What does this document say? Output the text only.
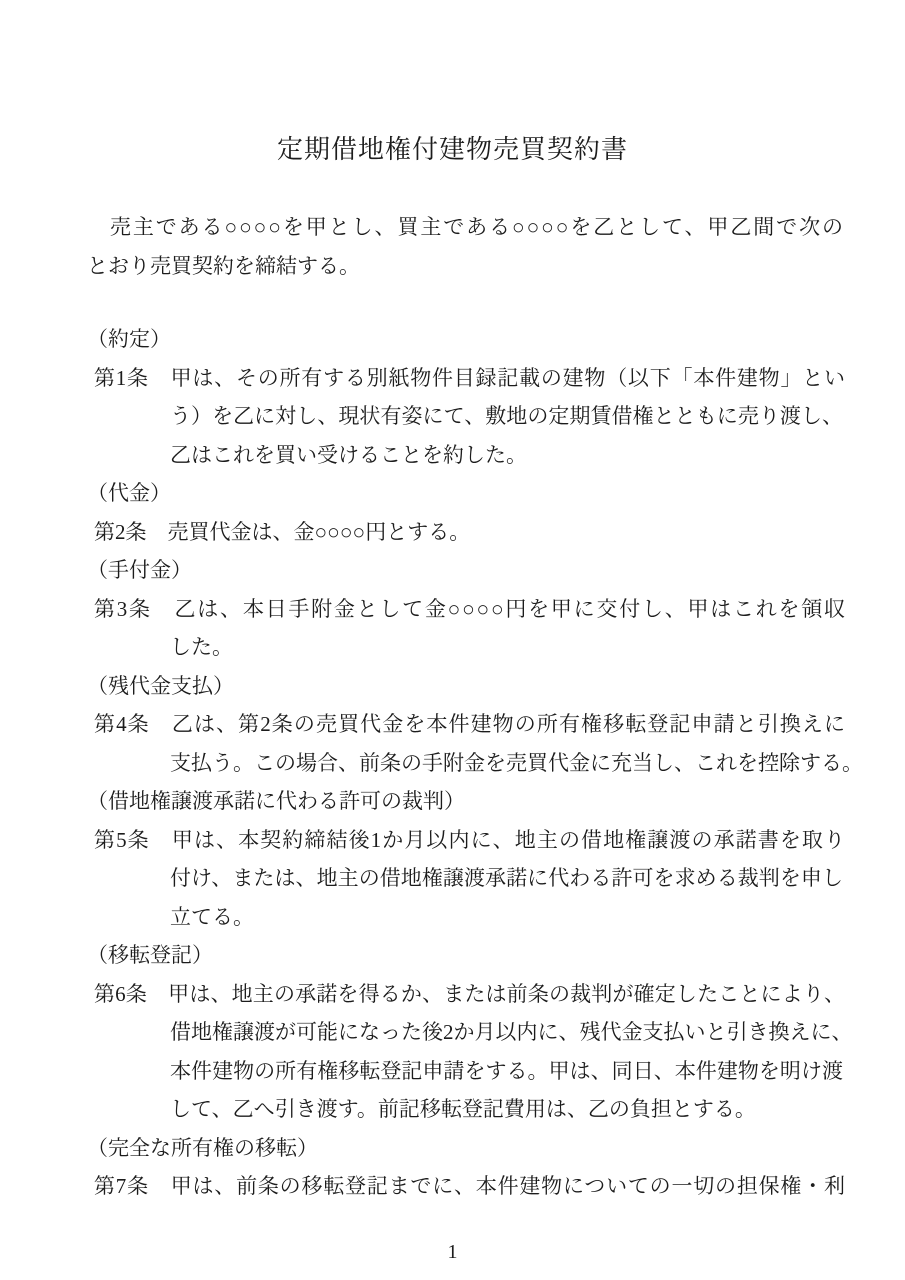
定期借地権付建物売買契約書
　売主である○○○○を甲とし、買主である○○○○を乙として、甲乙間で次の
とおり売買契約を締結する。
（約定）
第1条　 甲は、その所有する別紙物件目録記載の建物（以下「本件建物」とい
う）を乙に対し、現状有姿にて、敷地の定期賃借権とともに売り渡し、
乙はこれを買い受けることを約した。
（代金）
第2条　 売買代金は、金○○○○円とする。
（手付金）
第3条　 乙は、本日手附金として金○○○○円を甲に交付し、甲はこれを領収
した。
（残代金支払）
第4条　 乙は、第2条の売買代金を本件建物の所有権移転登記申請と引換えに
支払う。この場合、前条の手附金を売買代金に充当し、これを控除する。
（借地権譲渡承諾に代わる許可の裁判）
第5条　 甲は、本契約締結後1か月以内に、地主の借地権譲渡の承諾書を取り
付け、または、地主の借地権譲渡承諾に代わる許可を求める裁判を申し
立てる。
（移転登記）
第6条　 甲は、地主の承諾を得るか、または前条の裁判が確定したことにより、
借地権譲渡が可能になった後2か月以内に、残代金支払いと引き換えに、
本件建物の所有権移転登記申請をする。甲は、同日、本件建物を明け渡
して、乙へ引き渡す。前記移転登記費用は、乙の負担とする。
（完全な所有権の移転）
第7条　 甲は、前条の移転登記までに、本件建物についての一切の担保権・利
1
